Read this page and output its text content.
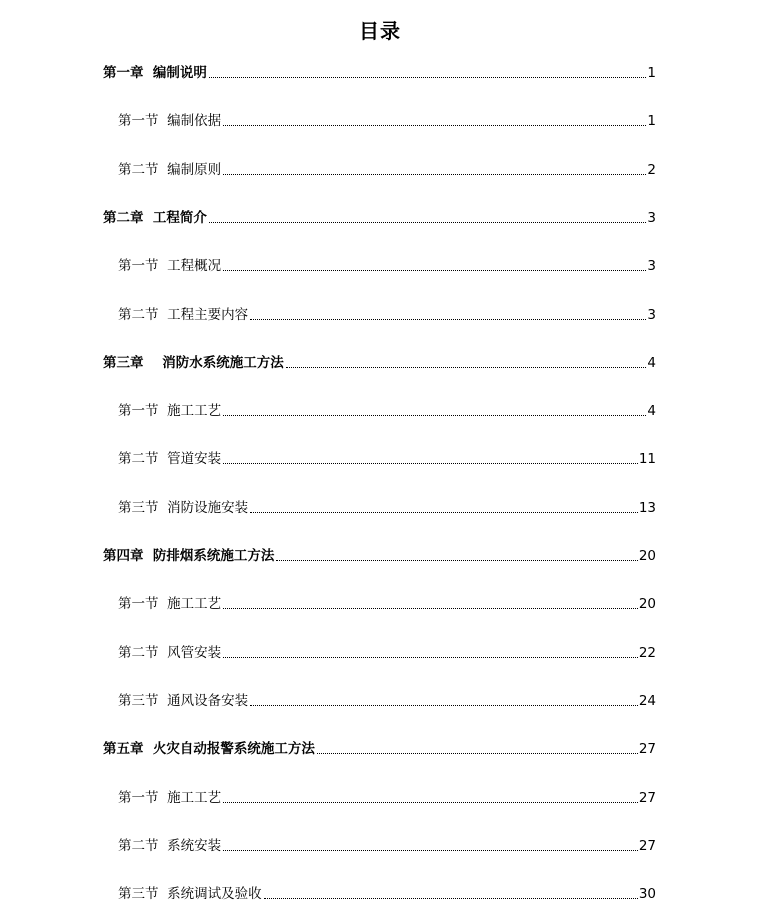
目录
第一章  编制说明	1
第一节  编制依据	1
第二节  编制原则	2
第二章  工程简介	3
第一节  工程概况	3
第二节  工程主要内容	3
第三章    消防水系统施工方法	4
第一节  施工工艺	4
第二节  管道安装	11
第三节  消防设施安装	13
第四章  防排烟系统施工方法	20
第一节  施工工艺	20
第二节  风管安装	22
第三节  通风设备安装	24
第五章  火灾自动报警系统施工方法	27
第一节  施工工艺	27
第二节  系统安装	27
第三节  系统调试及验收	30
